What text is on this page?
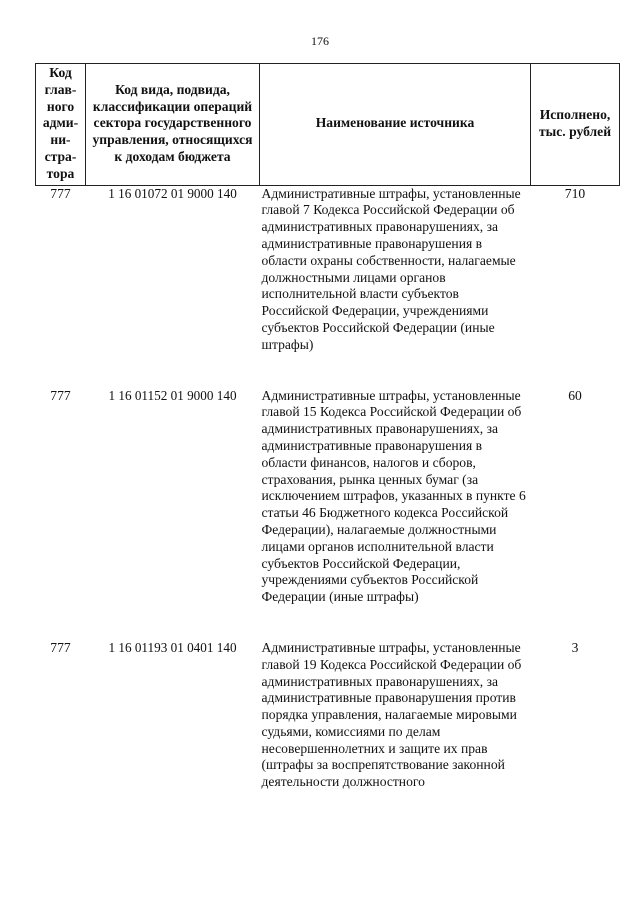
176
Код глав-ного адми-ни-стра-тора	Код вида, подвида, классификации операций сектора государственного управления, относящихся к доходам бюджета	Наименование источника	Исполнено, тыс. рублей
777	1 16 01072 01 9000 140	Административные штрафы, установленные главой 7 Кодекса Российской Федерации об административных правонарушениях, за административные правонарушения в области охраны собственности, налагаемые должностными лицами органов исполнительной власти субъектов Российской Федерации, учреждениями субъектов Российской Федерации (иные штрафы)	710
777	1 16 01152 01 9000 140	Административные штрафы, установленные главой 15 Кодекса Российской Федерации об административных правонарушениях, за административные правонарушения в области финансов, налогов и сборов, страхования, рынка ценных бумаг (за исключением штрафов, указанных в пункте 6 статьи 46 Бюджетного кодекса Российской Федерации), налагаемые должностными лицами органов исполнительной власти субъектов Российской Федерации, учреждениями субъектов Российской Федерации (иные штрафы)	60
777	1 16 01193 01 0401 140	Административные штрафы, установленные главой 19 Кодекса Российской Федерации об административных правонарушениях, за административные правонарушения против порядка управления, налагаемые мировыми судьями, комиссиями по делам несовершеннолетних и защите их прав (штрафы за воспрепятствование законной деятельности должностного	3
